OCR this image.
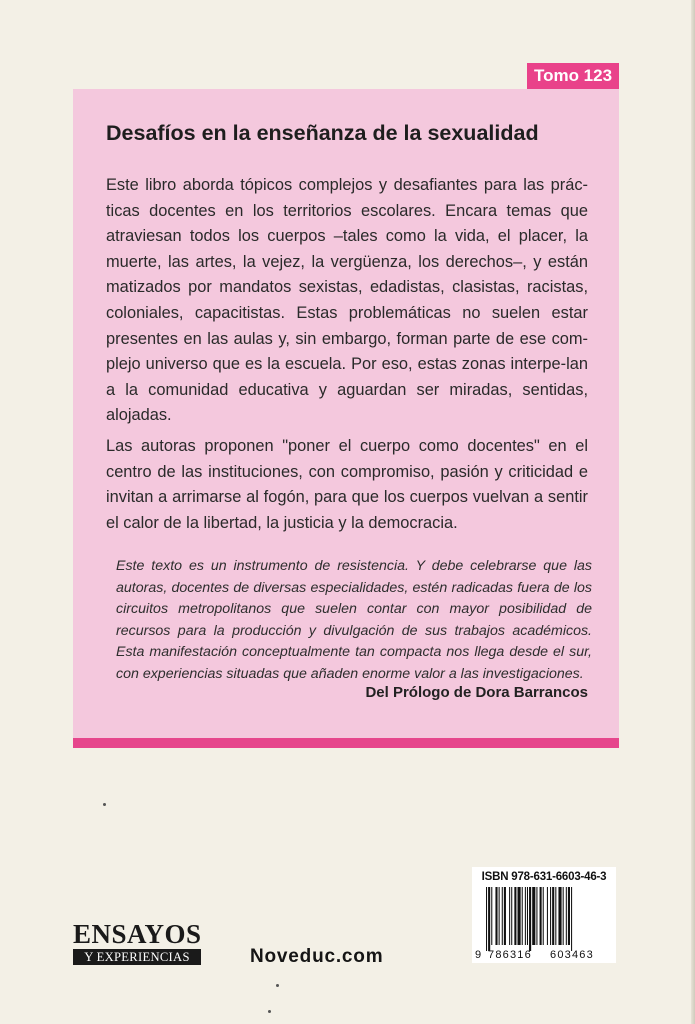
Tomo 123
Desafíos en la enseñanza de la sexualidad

Este libro aborda tópicos complejos y desafiantes para las prác-ticas docentes en los territorios escolares. Encara temas que atraviesan todos los cuerpos –tales como la vida, el placer, la muerte, las artes, la vejez, la vergüenza, los derechos–, y están matizados por mandatos sexistas, edadistas, clasistas, racistas, coloniales, capacitistas. Estas problemáticas no suelen estar presentes en las aulas y, sin embargo, forman parte de ese com-plejo universo que es la escuela. Por eso, estas zonas interpe-lan a la comunidad educativa y aguardan ser miradas, sentidas, alojadas.

Las autoras proponen "poner el cuerpo como docentes" en el centro de las instituciones, con compromiso, pasión y criticidad e invitan a arrimarse al fogón, para que los cuerpos vuelvan a sentir el calor de la libertad, la justicia y la democracia.

Este texto es un instrumento de resistencia. Y debe celebrarse que las autoras, docentes de diversas especialidades, estén radicadas fuera de los circuitos metropolitanos que suelen contar con mayor posibilidad de recursos para la producción y divulgación de sus trabajos académicos. Esta manifestación conceptualmente tan compacta nos llega desde el sur, con experiencias situadas que añaden enorme valor a las investigaciones.

Del Prólogo de Dora Barrancos

ISBN 978-631-6603-46-3
9 786316 603463
ENSAYOS
Y EXPERIENCIAS	Noveduc.com
